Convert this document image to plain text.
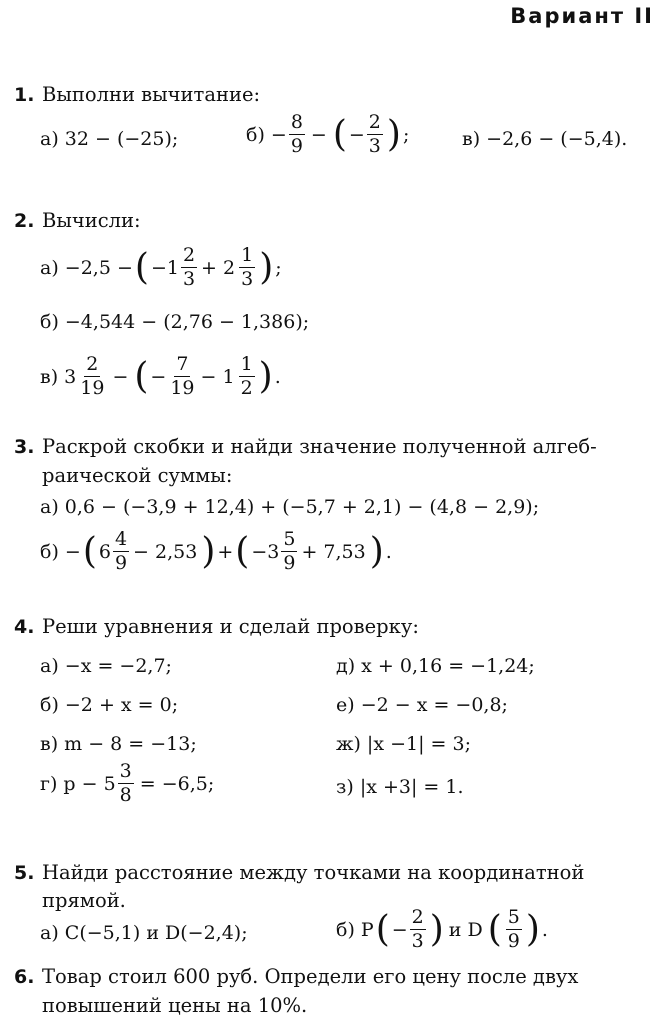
Вариант II
1. Выполни вычитание:
а) 32 − (−25);	$б) - \frac{8}{9}$ − ( − $\frac{2}{3}$ ) ;	в) −2,6 − (−5,4).
2. Вычисли:
а) −2,5 − ( $-1 \frac{2}{3} + 2 \frac{1}{3}$ ) ;
б) −4,544 − (2,76 − 1,386);
в) $3 \frac{2}{19}$ − ( − $\frac{7}{19} - 1 \frac{1}{2}$ ) .
3. Раскрой скобки и найди значение полученной алгеб-
раической суммы:
а) 0,6 − (−3,9 + 12,4) + (−5,7 + 2,1) − (4,8 − 2,9);
б) − ( $6 \frac{4}{9} - 2,53$ ) + ( $-3 \frac{5}{9} + 7,53$ ) .
4. Реши уравнения и сделай проверку:
а) −x = −2,7;
б) −2 + x = 0;
в) m − 8 = −13;
г) $p - 5 \frac{3}{8} = -6,5$;
д) x + 0,16 = −1,24;
е) −2 − x = −0,8;
ж) |x −1| = 3;
з) |x +3| = 1.
5. Найди расстояние между точками на координатной
прямой.
а) C(−5,1) и D(−2,4);	б) P ( − $\frac{2}{3}$ ) и D ( $\frac{5}{9}$ ) .
6. Товар стоил 600 руб. Определи его цену после двух
повышений цены на 10%.
